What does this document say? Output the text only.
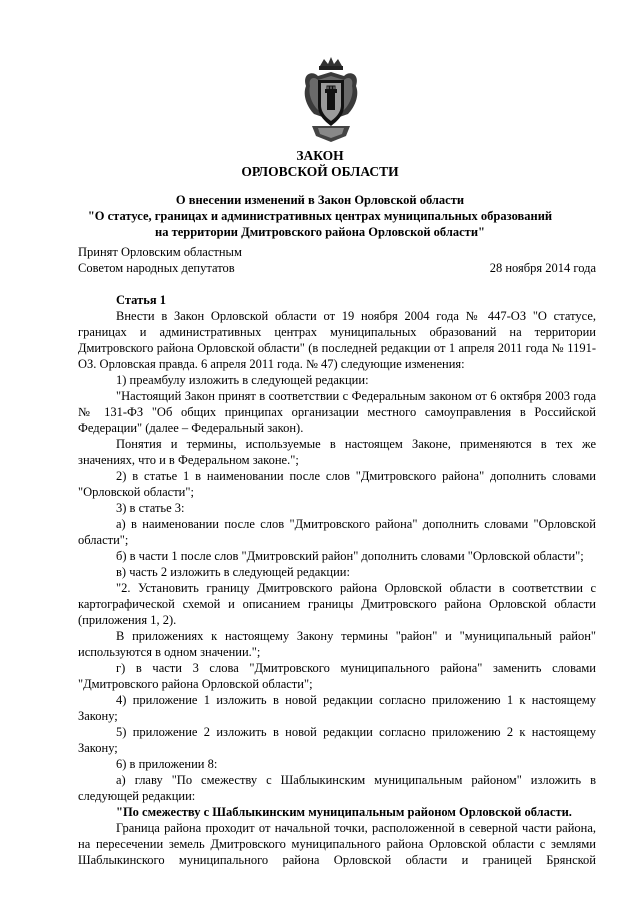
ЗАКОН
ОРЛОВСКОЙ ОБЛАСТИ
О внесении изменений в Закон Орловской области
"О статусе, границах и административных центрах муниципальных образований
на территории Дмитровского района Орловской области"
Принят Орловским областным
Советом народных депутатов	28 ноября 2014 года

Статья 1

Внести в Закон Орловской области от 19 ноября 2004 года № 447-ОЗ "О статусе, границах и административных центрах муниципальных образований на территории Дмитровского района Орловской области" (в последней редакции от 1 апреля 2011 года № 1191-ОЗ. Орловская правда. 6 апреля 2011 года. № 47) следующие изменения:

1) преамбулу изложить в следующей редакции:

"Настоящий Закон принят в соответствии с Федеральным законом от 6 октября 2003 года № 131-ФЗ "Об общих принципах организации местного самоуправления в Российской Федерации" (далее – Федеральный закон).

Понятия и термины, используемые в настоящем Законе, применяются в тех же значениях, что и в Федеральном законе.";

2) в статье 1 в наименовании после слов "Дмитровского района" дополнить словами "Орловской области";

3) в статье 3:

а) в наименовании после слов "Дмитровского района" дополнить словами "Орловской области";

б) в части 1 после слов "Дмитровский район" дополнить словами "Орловской области";

в) часть 2 изложить в следующей редакции:

"2. Установить границу Дмитровского района Орловской области в соответствии с картографической схемой и описанием границы Дмитровского района Орловской области (приложения 1, 2).

В приложениях к настоящему Закону термины "район" и "муниципальный район" используются в одном значении.";

г) в части 3 слова "Дмитровского муниципального района" заменить словами "Дмитровского района Орловской области";

4) приложение 1 изложить в новой редакции согласно приложению 1 к настоящему Закону;

5) приложение 2 изложить в новой редакции согласно приложению 2 к настоящему Закону;

6) в приложении 8:

а) главу "По смежеству с Шаблыкинским муниципальным районом" изложить в следующей редакции:

"По смежеству с Шаблыкинским муниципальным районом Орловской области.

Граница района проходит от начальной точки, расположенной в северной части района, на пересечении земель Дмитровского муниципального района Орловской области с землями Шаблыкинского муниципального района Орловской области и границей Брянской
